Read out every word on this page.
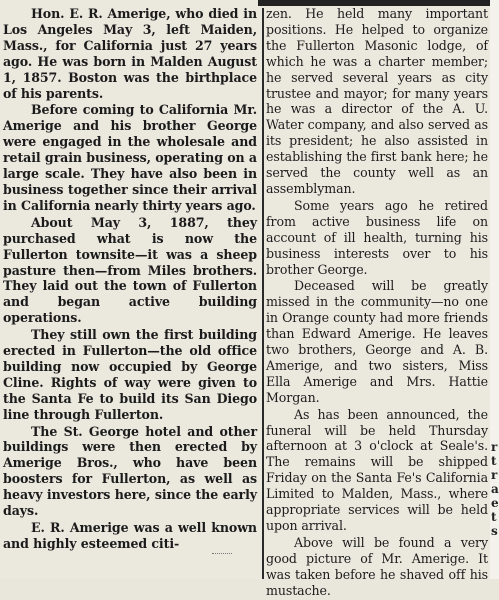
Hon. E. R. Amerige, who died in Los Angeles May 3, left Maiden, Mass., for California just 27 years ago. He was born in Malden August 1, 1857. Boston was the birthplace of his parents.

Before coming to California Mr. Amerige and his brother George were engaged in the wholesale and retail grain business, operating on a large scale. They have also been in business together since their arrival in California nearly thirty years ago.

About May 3, 1887, they purchased what is now the Fullerton townsite—it was a sheep pasture then—from Miles brothers. They laid out the town of Fullerton and began active building operations.

They still own the first building erected in Fullerton—the old office building now occupied by George Cline. Rights of way were given to the Santa Fe to build its San Diego line through Fullerton.

The St. George hotel and other buildings were then erected by Amerige Bros., who have been boosters for Fullerton, as well as heavy investors here, since the early days.

E. R. Amerige was a well known and highly esteemed citi-

zen. He held many important positions. He helped to organize the Fullerton Masonic lodge, of which he was a charter member; he served several years as city trustee and mayor; for many years he was a director of the A. U. Water company, and also served as its president; he also assisted in establishing the first bank here; he served the county well as an assemblyman.

Some years ago he retired from active business life on account of ill health, turning his business interests over to his brother George.

Deceased will be greatly missed in the community—no one in Orange county had more friends than Edward Amerige. He leaves two brothers, George and A. B. Amerige, and two sisters, Miss Ella Amerige and Mrs. Hattie Morgan.

As has been announced, the funeral will be held Thursday afternoon at 3 o'clock at Seale's. The remains will be shipped Friday on the Santa Fe's California Limited to Malden, Mass., where appropriate services will be held upon arrival.

Above will be found a very good picture of Mr. Amerige. It was taken before he shaved off his mustache.

r
t
r
a
e
t
s
